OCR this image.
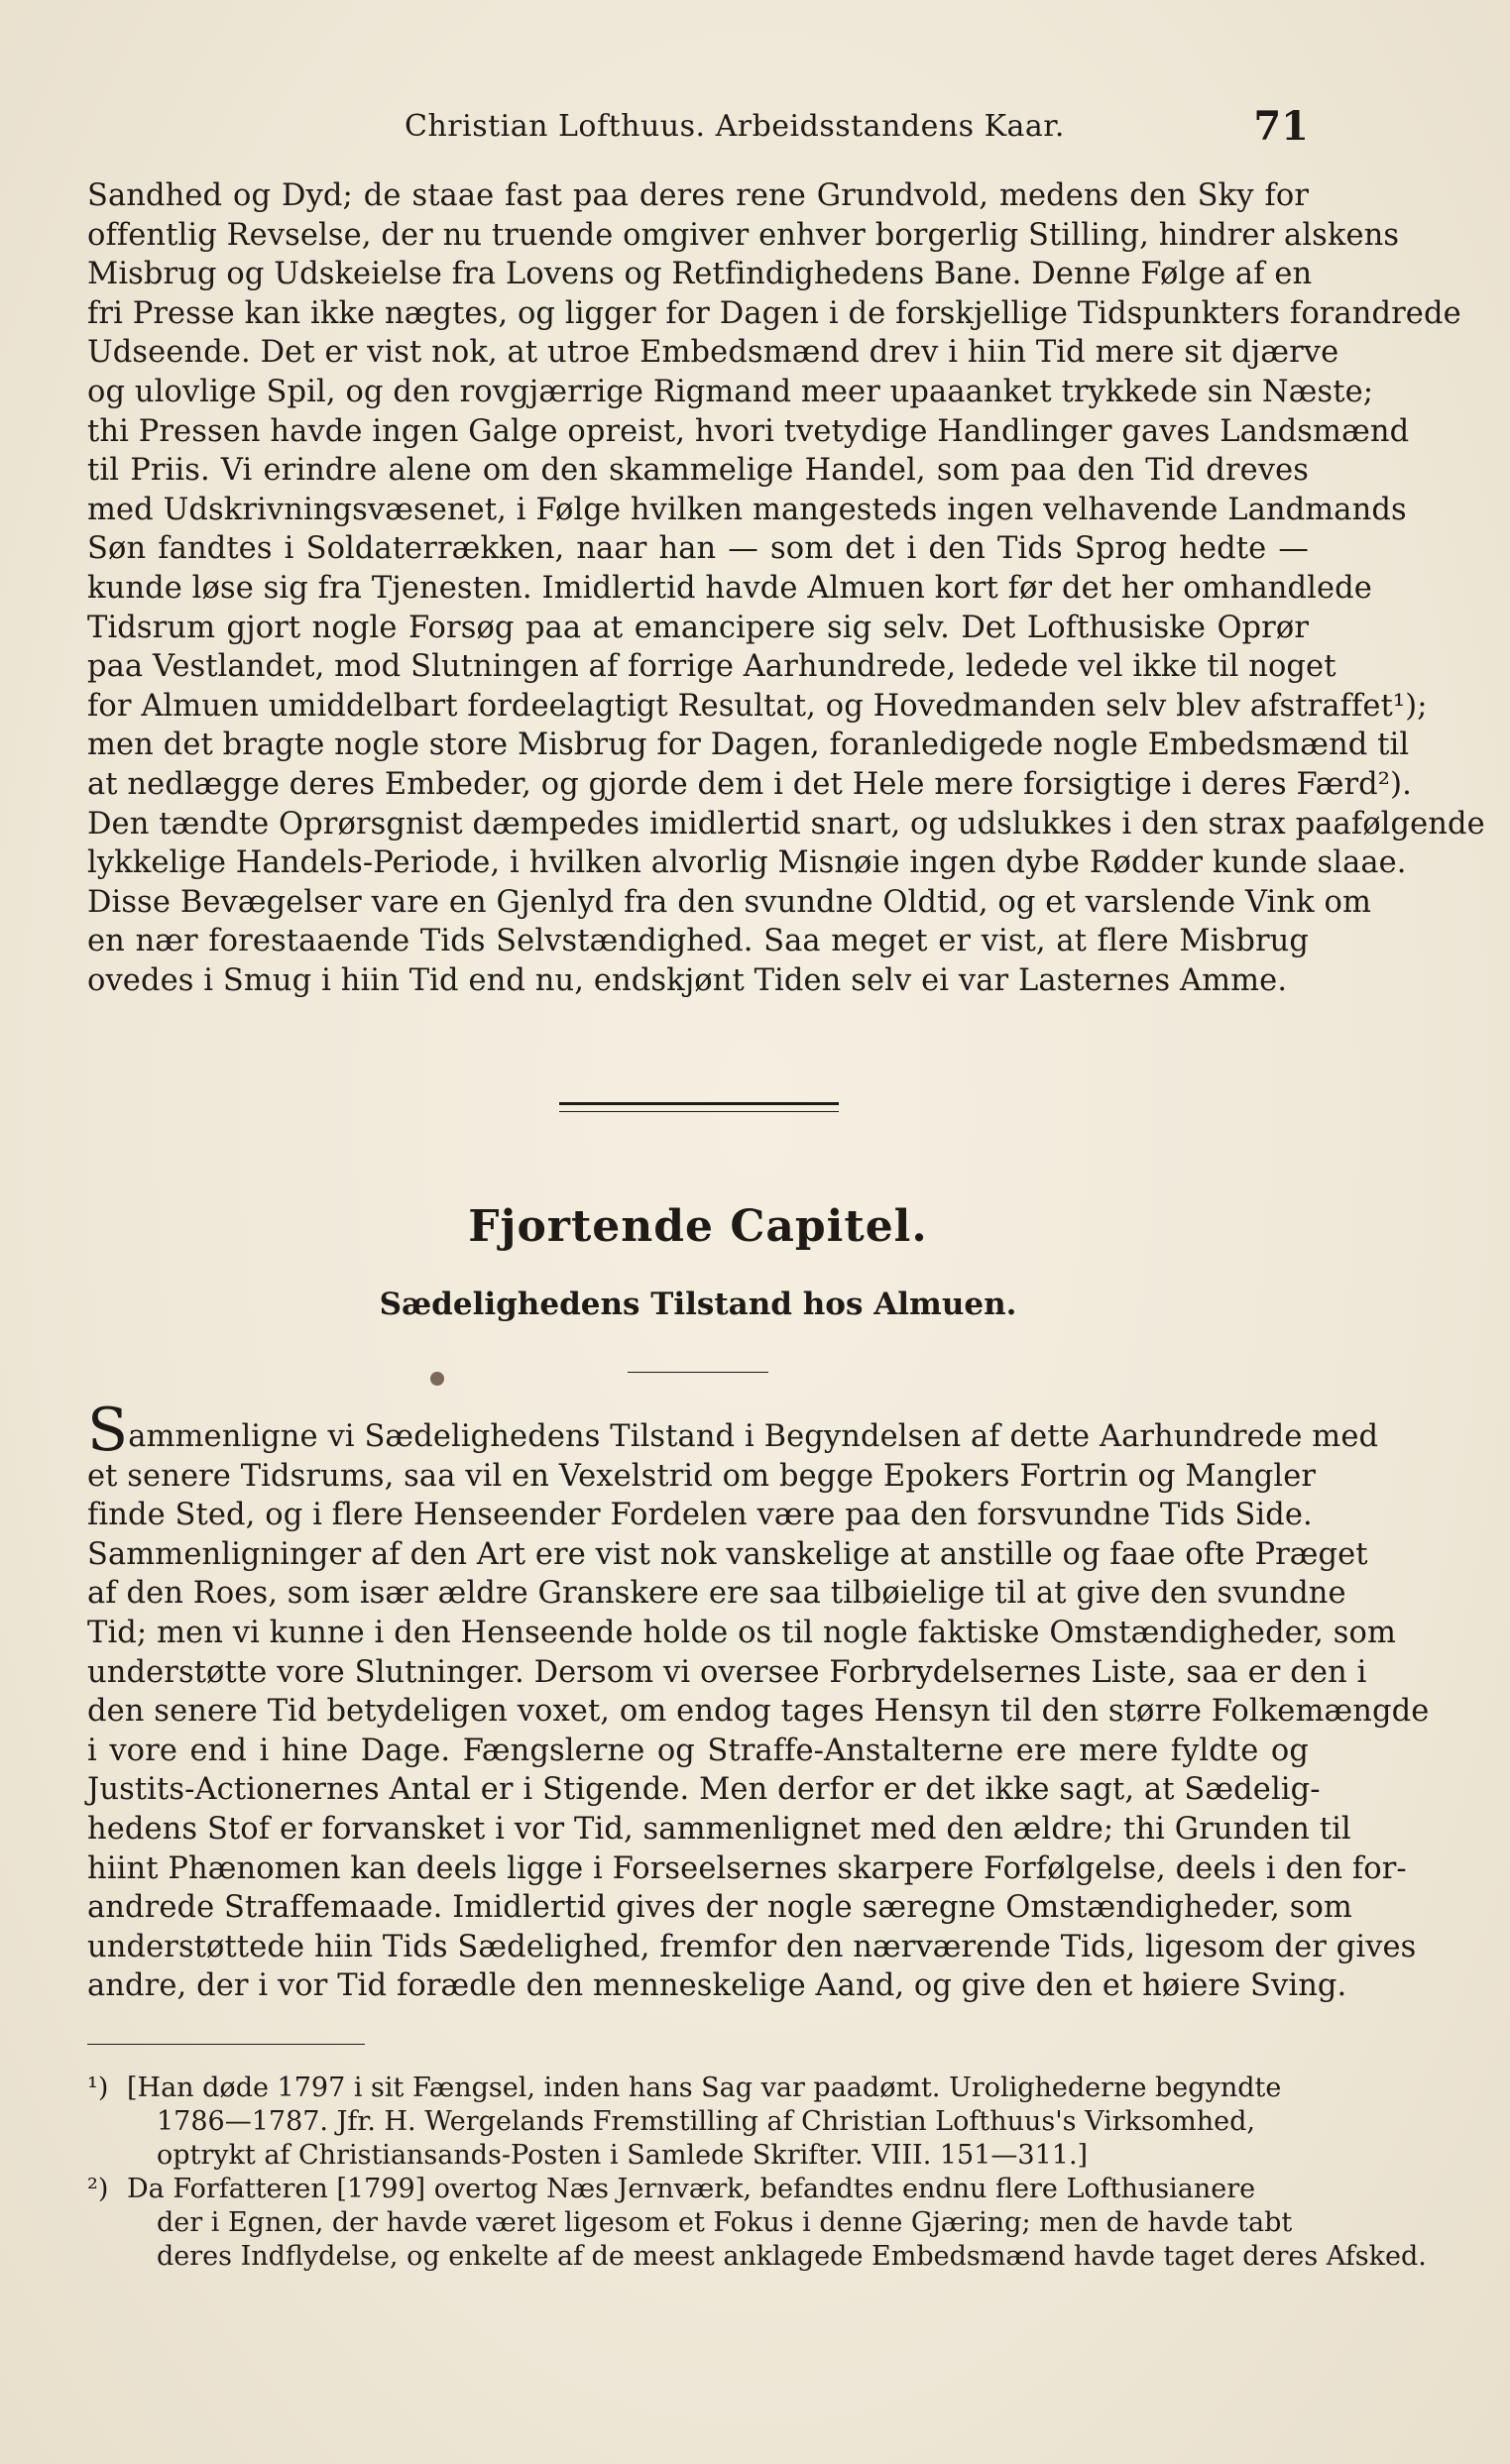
Christian Lofthuus. Arbeidsstandens Kaar.	71
Sandhed og Dyd; de staae fast paa deres rene Grundvold, medens den Sky for
offentlig Revselse, der nu truende omgiver enhver borgerlig Stilling, hindrer alskens
Misbrug og Udskeielse fra Lovens og Retfindighedens Bane. Denne Følge af en
fri Presse kan ikke nægtes, og ligger for Dagen i de forskjellige Tidspunkters forandrede
Udseende. Det er vist nok, at utroe Embedsmænd drev i hiin Tid mere sit djærve
og ulovlige Spil, og den rovgjærrige Rigmand meer upaaanket trykkede sin Næste;
thi Pressen havde ingen Galge opreist, hvori tvetydige Handlinger gaves Landsmænd
til Priis. Vi erindre alene om den skammelige Handel, som paa den Tid dreves
med Udskrivningsvæsenet, i Følge hvilken mangesteds ingen velhavende Landmands
Søn fandtes i Soldaterrækken, naar han — som det i den Tids Sprog hedte —
kunde løse sig fra Tjenesten. Imidlertid havde Almuen kort før det her omhandlede
Tidsrum gjort nogle Forsøg paa at emancipere sig selv. Det Lofthusiske Oprør
paa Vestlandet, mod Slutningen af forrige Aarhundrede, ledede vel ikke til noget
for Almuen umiddelbart fordeelagtigt Resultat, og Hovedmanden selv blev afstraffet¹);
men det bragte nogle store Misbrug for Dagen, foranledigede nogle Embedsmænd til
at nedlægge deres Embeder, og gjorde dem i det Hele mere forsigtige i deres Færd²).
Den tændte Oprørsgnist dæmpedes imidlertid snart, og udslukkes i den strax paafølgende
lykkelige Handels-Periode, i hvilken alvorlig Misnøie ingen dybe Rødder kunde slaae.
Disse Bevægelser vare en Gjenlyd fra den svundne Oldtid, og et varslende Vink om
en nær forestaaende Tids Selvstændighed. Saa meget er vist, at flere Misbrug
ovedes i Smug i hiin Tid end nu, endskjønt Tiden selv ei var Lasternes Amme.
Fjortende Capitel.
Sædelighedens Tilstand hos Almuen.
Sammenligne vi Sædelighedens Tilstand i Begyndelsen af dette Aarhundrede med
et senere Tidsrums, saa vil en Vexelstrid om begge Epokers Fortrin og Mangler
finde Sted, og i flere Henseender Fordelen være paa den forsvundne Tids Side.
Sammenligninger af den Art ere vist nok vanskelige at anstille og faae ofte Præget
af den Roes, som især ældre Granskere ere saa tilbøielige til at give den svundne
Tid; men vi kunne i den Henseende holde os til nogle faktiske Omstændigheder, som
understøtte vore Slutninger. Dersom vi oversee Forbrydelsernes Liste, saa er den i
den senere Tid betydeligen voxet, om endog tages Hensyn til den større Folkemængde
i vore end i hine Dage. Fængslerne og Straffe-Anstalterne ere mere fyldte og
Justits-Actionernes Antal er i Stigende. Men derfor er det ikke sagt, at Sædelig-
hedens Stof er forvansket i vor Tid, sammenlignet med den ældre; thi Grunden til
hiint Phænomen kan deels ligge i Forseelsernes skarpere Forfølgelse, deels i den for-
andrede Straffemaade. Imidlertid gives der nogle særegne Omstændigheder, som
understøttede hiin Tids Sædelighed, fremfor den nærværende Tids, ligesom der gives
andre, der i vor Tid forædle den menneskelige Aand, og give den et høiere Sving.
¹) [Han døde 1797 i sit Fængsel, inden hans Sag var paadømt. Urolighederne begyndte
1786—1787. Jfr. H. Wergelands Fremstilling af Christian Lofthuus's Virksomhed,
optrykt af Christiansands-Posten i Samlede Skrifter. VIII. 151—311.]
²) Da Forfatteren [1799] overtog Næs Jernværk, befandtes endnu flere Lofthusianere
der i Egnen, der havde været ligesom et Fokus i denne Gjæring; men de havde tabt
deres Indflydelse, og enkelte af de meest anklagede Embedsmænd havde taget deres Afsked.
